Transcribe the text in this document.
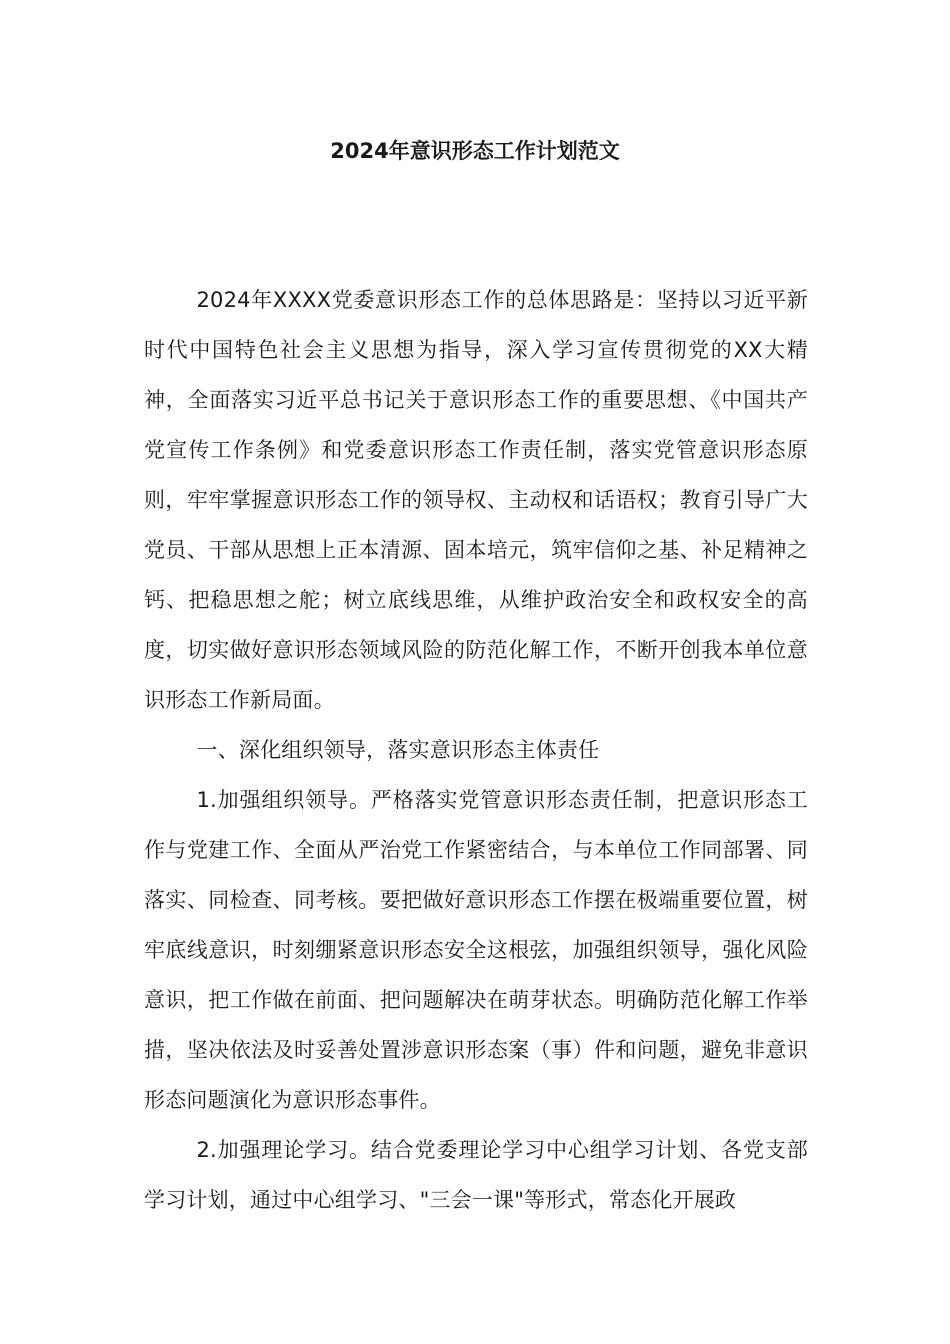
2024年意识形态工作计划范文

2024年XXXX党委意识形态工作的总体思路是：坚持以习近平新时代中国特色社会主义思想为指导，深入学习宣传贯彻党的XX大精神，全面落实习近平总书记关于意识形态工作的重要思想、《中国共产党宣传工作条例》和党委意识形态工作责任制，落实党管意识形态原则，牢牢掌握意识形态工作的领导权、主动权和话语权；教育引导广大党员、干部从思想上正本清源、固本培元，筑牢信仰之基、补足精神之钙、把稳思想之舵；树立底线思维，从维护政治安全和政权安全的高度，切实做好意识形态领域风险的防范化解工作，不断开创我本单位意识形态工作新局面。

一、深化组织领导，落实意识形态主体责任

1.加强组织领导。严格落实党管意识形态责任制，把意识形态工作与党建工作、全面从严治党工作紧密结合，与本单位工作同部署、同落实、同检查、同考核。要把做好意识形态工作摆在极端重要位置，树牢底线意识，时刻绷紧意识形态安全这根弦，加强组织领导，强化风险意识，把工作做在前面、把问题解决在萌芽状态。明确防范化解工作举措，坚决依法及时妥善处置涉意识形态案（事）件和问题，避免非意识形态问题演化为意识形态事件。

2.加强理论学习。结合党委理论学习中心组学习计划、各党支部学习计划，通过中心组学习、"三会一课"等形式，常态化开展政
